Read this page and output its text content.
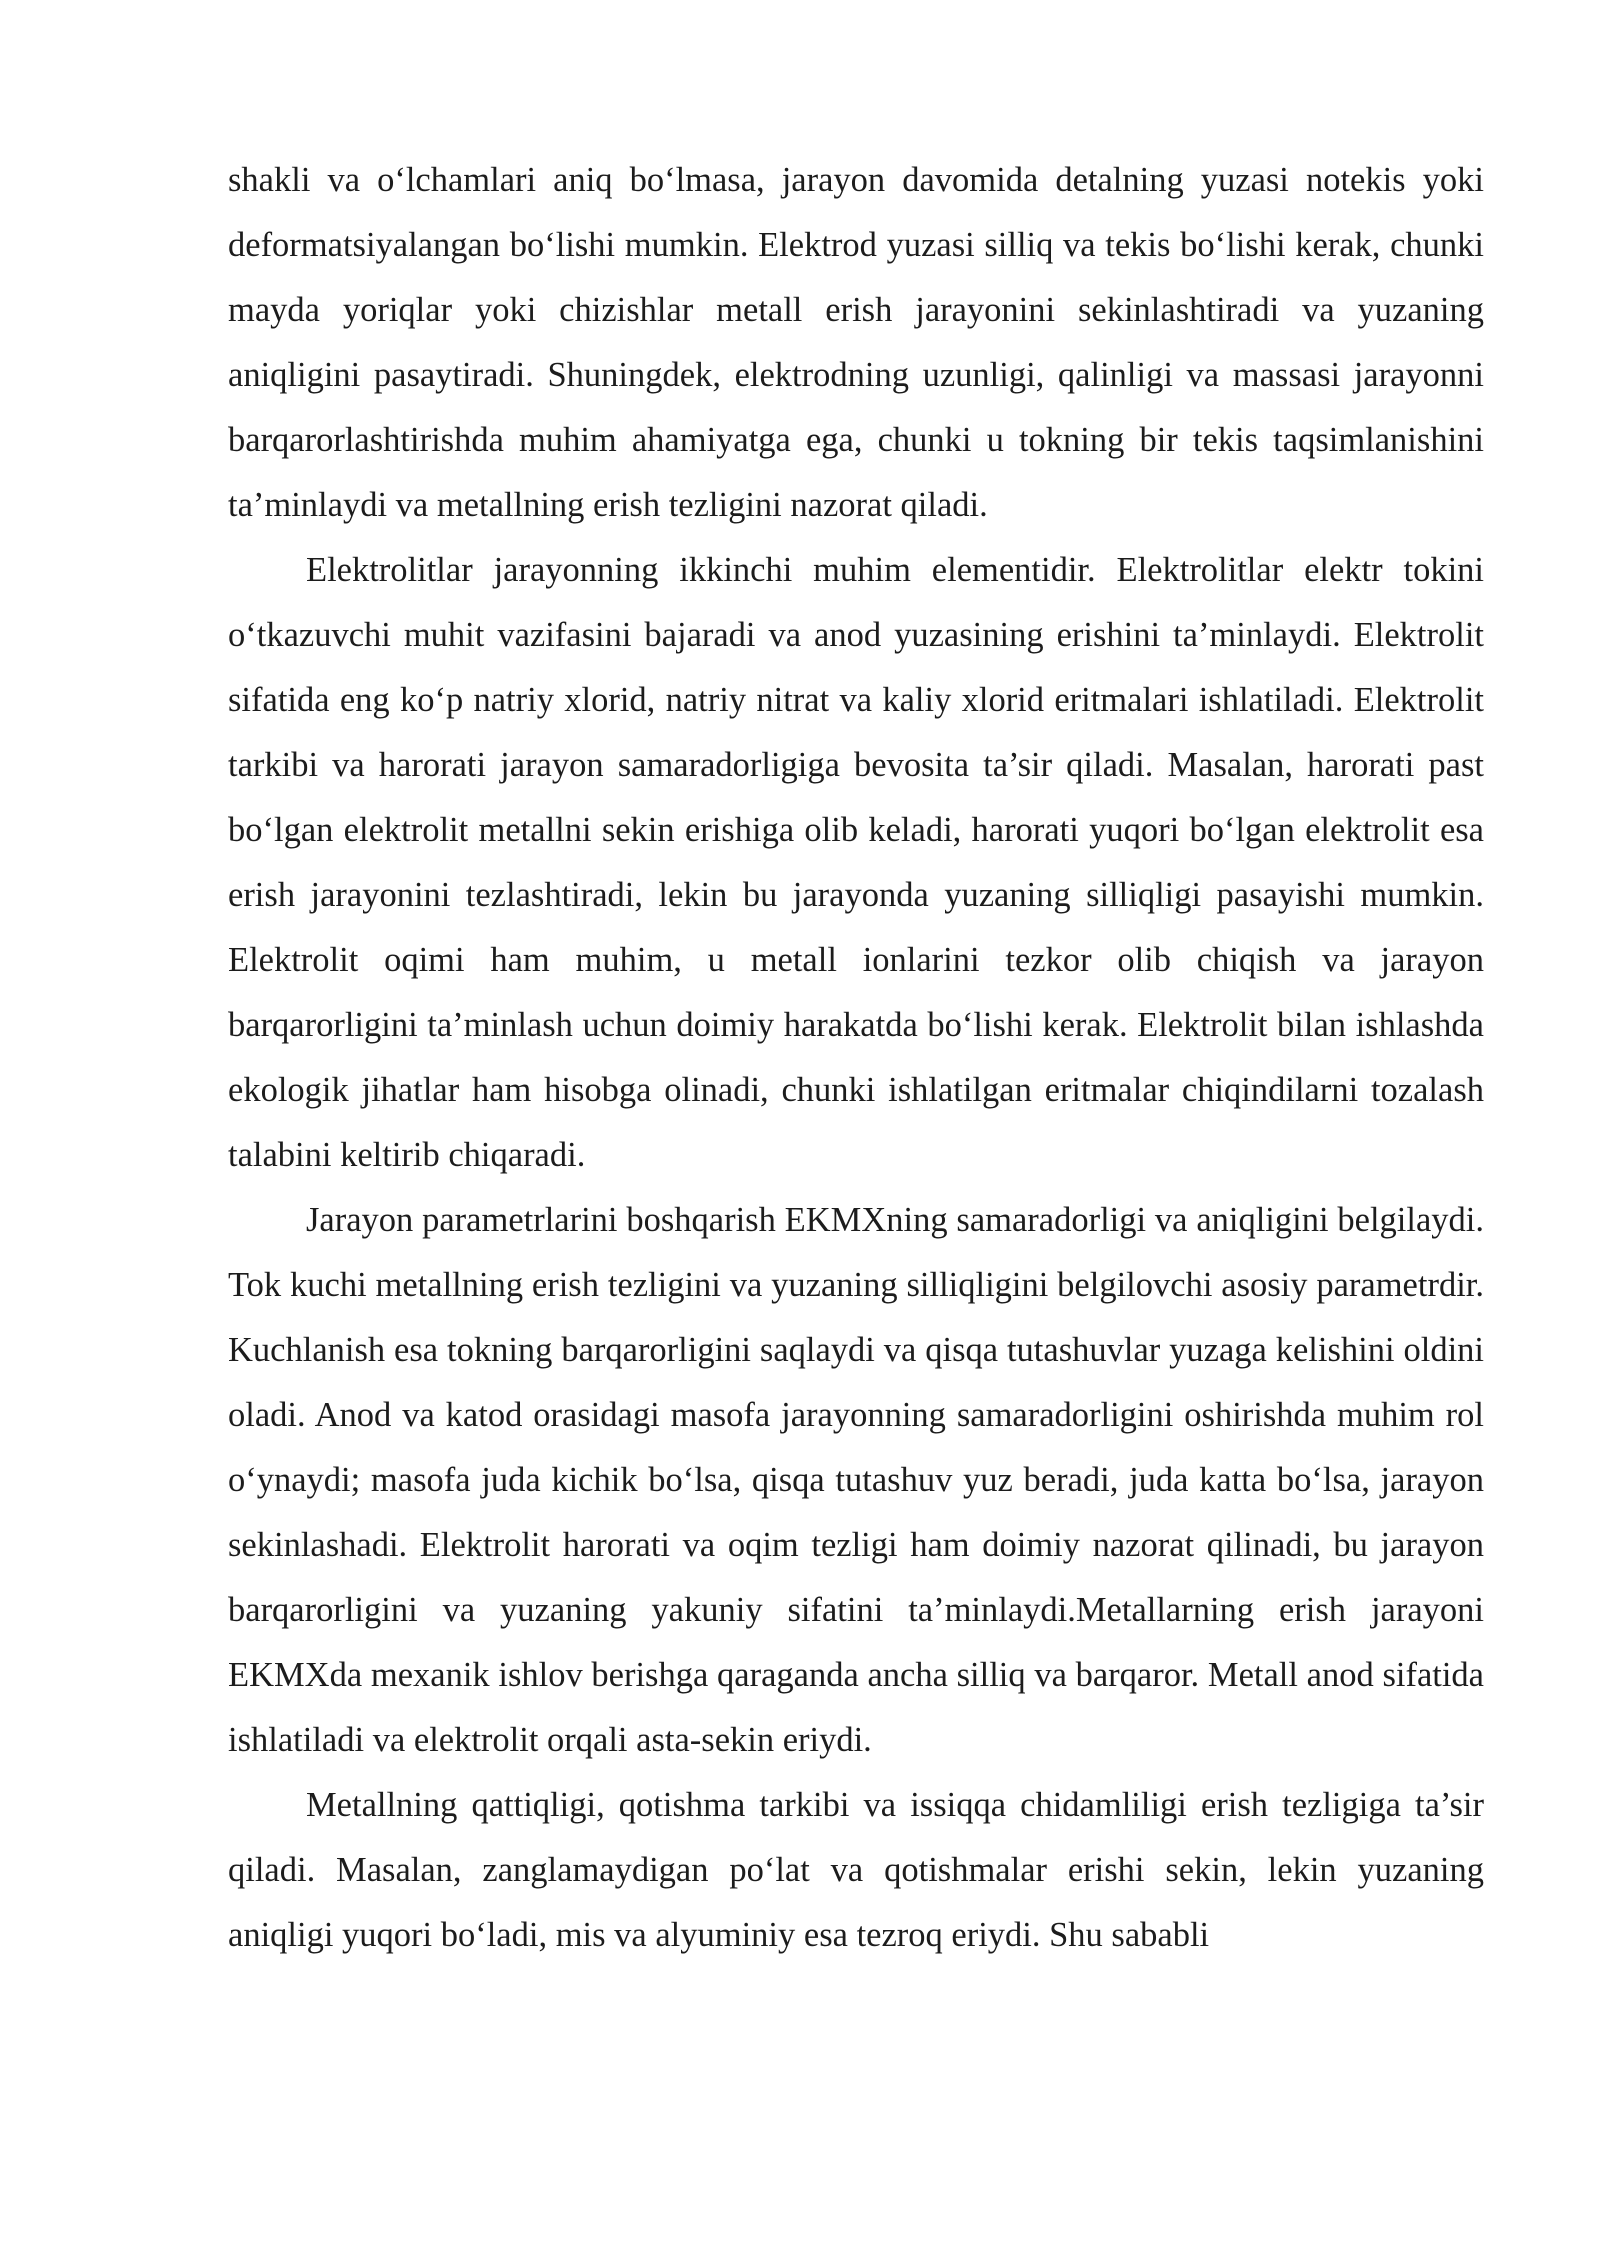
shakli va o‘lchamlari aniq bo‘lmasa, jarayon davomida detalning yuzasi notekis yoki deformatsiyalangan bo‘lishi mumkin. Elektrod yuzasi silliq va tekis bo‘lishi kerak, chunki mayda yoriqlar yoki chizishlar metall erish jarayonini sekinlashtiradi va yuzaning aniqligini pasaytiradi. Shuningdek, elektrodning uzunligi, qalinligi va massasi jarayonni barqarorlashtirishda muhim ahamiyatga ega, chunki u tokning bir tekis taqsimlanishini ta’minlaydi va metallning erish tezligini nazorat qiladi.

Elektrolitlar jarayonning ikkinchi muhim elementidir. Elektrolitlar elektr tokini o‘tkazuvchi muhit vazifasini bajaradi va anod yuzasining erishini ta’minlaydi. Elektrolit sifatida eng ko‘p natriy xlorid, natriy nitrat va kaliy xlorid eritmalari ishlatiladi. Elektrolit tarkibi va harorati jarayon samaradorligiga bevosita ta’sir qiladi. Masalan, harorati past bo‘lgan elektrolit metallni sekin erishiga olib keladi, harorati yuqori bo‘lgan elektrolit esa erish jarayonini tezlashtiradi, lekin bu jarayonda yuzaning silliqligi pasayishi mumkin. Elektrolit oqimi ham muhim, u metall ionlarini tezkor olib chiqish va jarayon barqarorligini ta’minlash uchun doimiy harakatda bo‘lishi kerak. Elektrolit bilan ishlashda ekologik jihatlar ham hisobga olinadi, chunki ishlatilgan eritmalar chiqindilarni tozalash talabini keltirib chiqaradi.

Jarayon parametrlarini boshqarish EKMXning samaradorligi va aniqligini belgilaydi. Tok kuchi metallning erish tezligini va yuzaning silliqligini belgilovchi asosiy parametrdir. Kuchlanish esa tokning barqarorligini saqlaydi va qisqa tutashuvlar yuzaga kelishini oldini oladi. Anod va katod orasidagi masofa jarayonning samaradorligini oshirishda muhim rol o‘ynaydi; masofa juda kichik bo‘lsa, qisqa tutashuv yuz beradi, juda katta bo‘lsa, jarayon sekinlashadi. Elektrolit harorati va oqim tezligi ham doimiy nazorat qilinadi, bu jarayon barqarorligini va yuzaning yakuniy sifatini ta’minlaydi.Metallarning erish jarayoni EKMXda mexanik ishlov berishga qaraganda ancha silliq va barqaror. Metall anod sifatida ishlatiladi va elektrolit orqali asta-sekin eriydi.

Metallning qattiqligi, qotishma tarkibi va issiqqa chidamliligi erish tezligiga ta’sir qiladi. Masalan, zanglamaydigan po‘lat va qotishmalar erishi sekin, lekin yuzaning aniqligi yuqori bo‘ladi, mis va alyuminiy esa tezroq eriydi. Shu sababli
